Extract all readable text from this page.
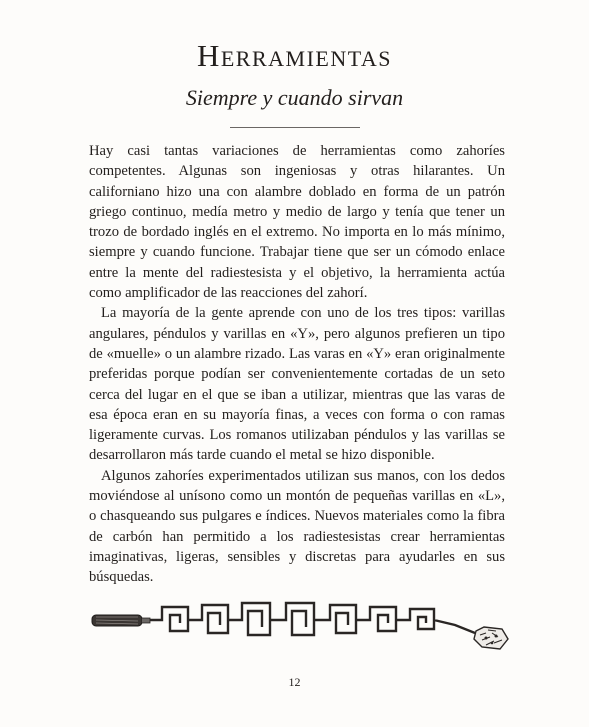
Herramientas
Siempre y cuando sirvan

Hay casi tantas variaciones de herramientas como zahoríes competentes. Algunas son ingeniosas y otras hilarantes. Un californiano hizo una con alambre doblado en forma de un patrón griego continuo, medía metro y medio de largo y tenía que tener un trozo de bordado inglés en el extremo. No importa en lo más mínimo, siempre y cuando funcione. Trabajar tiene que ser un cómodo enlace entre la mente del radiestesista y el objetivo, la herramienta actúa como amplificador de las reacciones del zahorí.

La mayoría de la gente aprende con uno de los tres tipos: varillas angulares, péndulos y varillas en «Y», pero algunos prefieren un tipo de «muelle» o un alambre rizado. Las varas en «Y» eran originalmente preferidas porque podían ser convenientemente cortadas de un seto cerca del lugar en el que se iban a utilizar, mientras que las varas de esa época eran en su mayoría finas, a veces con forma o con ramas ligeramente curvas. Los romanos utilizaban péndulos y las varillas se desarrollaron más tarde cuando el metal se hizo disponible.

Algunos zahoríes experimentados utilizan sus manos, con los dedos moviéndose al unísono como un montón de pequeñas varillas en «L», o chasqueando sus pulgares e índices. Nuevos materiales como la fibra de carbón han permitido a los radiestesistas crear herramientas imaginativas, ligeras, sensibles y discretas para ayudarles en sus búsquedas.

12
